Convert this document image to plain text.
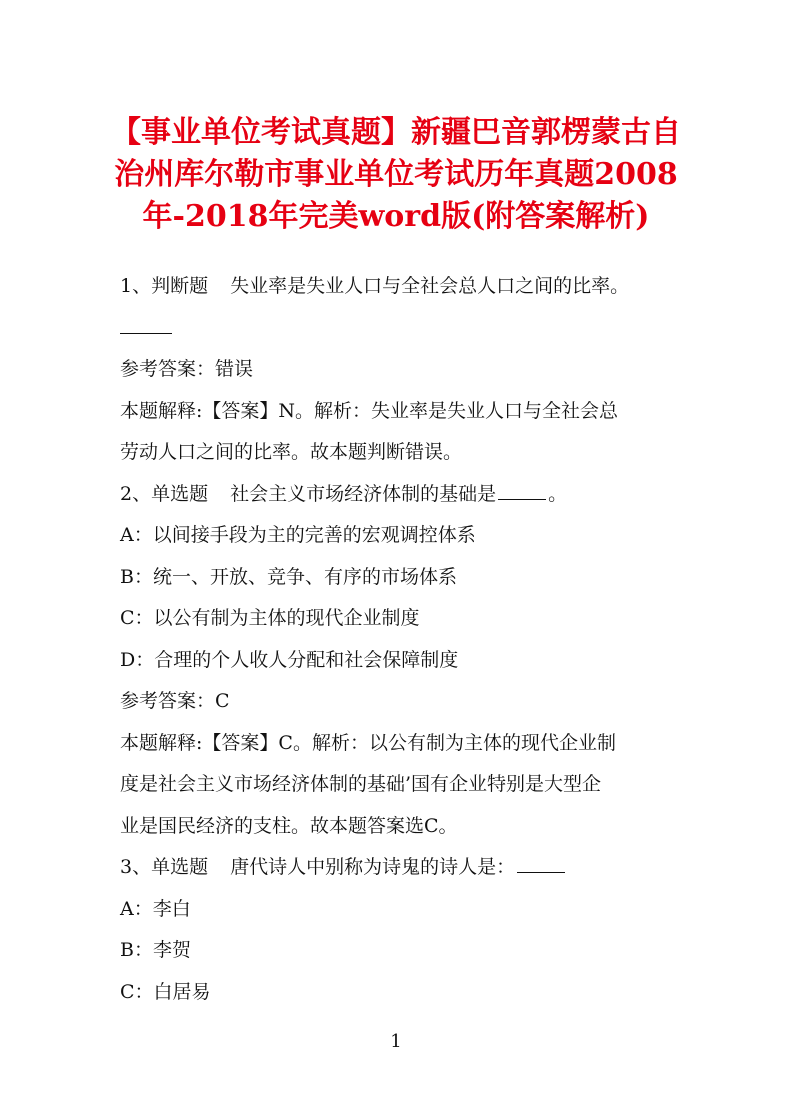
【事业单位考试真题】新疆巴音郭楞蒙古自治州库尔勒市事业单位考试历年真题2008年-2018年完美word版(附答案解析)
1、判断题 失业率是失业人口与全社会总人口之间的比率。
参考答案：错误
本题解释:【答案】N。解析：失业率是失业人口与全社会总
劳动人口之间的比率。故本题判断错误。
2、单选题 社会主义市场经济体制的基础是	。
A：以间接手段为主的完善的宏观调控体系
B：统一、开放、竞争、有序的市场体系
C：以公有制为主体的现代企业制度
D：合理的个人收人分配和社会保障制度
参考答案：C
本题解释:【答案】C。解析：以公有制为主体的现代企业制
度是社会主义市场经济体制的基础’国有企业特别是大型企
业是国民经济的支柱。故本题答案选C。
3、单选题 唐代诗人中别称为诗鬼的诗人是：
A：李白
B：李贺
C：白居易
1
